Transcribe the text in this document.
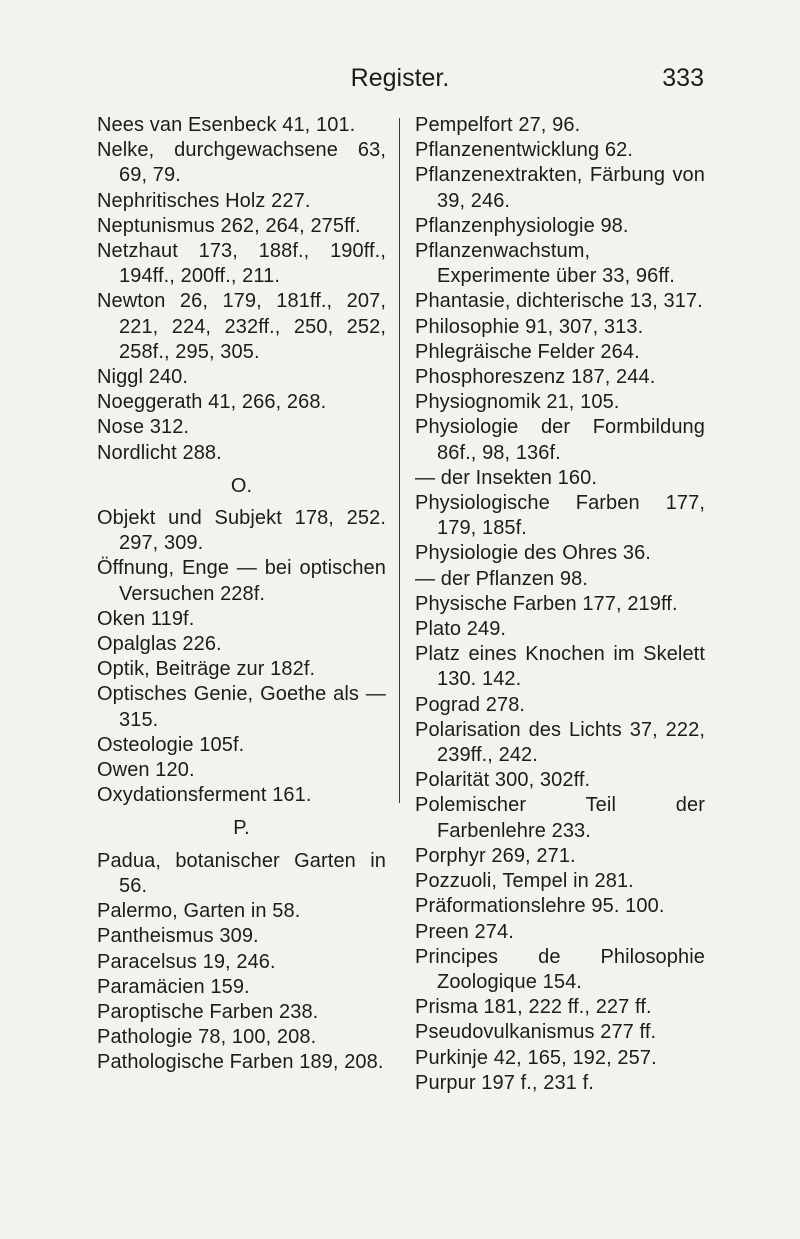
Register.	333
Nees van Esenbeck 41, 101.
Nelke, durchgewachsene 63, 69, 79.
Nephritisches Holz 227.
Neptunismus 262, 264, 275ff.
Netzhaut 173, 188f., 190ff., 194ff., 200ff., 211.
Newton 26, 179, 181ff., 207, 221, 224, 232ff., 250, 252, 258f., 295, 305.
Niggl 240.
Noeggerath 41, 266, 268.
Nose 312.
Nordlicht 288.
O.
Objekt und Subjekt 178, 252. 297, 309.
Öffnung, Enge — bei optischen Versuchen 228f.
Oken 119f.
Opalglas 226.
Optik, Beiträge zur 182f.
Optisches Genie, Goethe als — 315.
Osteologie 105f.
Owen 120.
Oxydationsferment 161.
P.
Padua, botanischer Garten in 56.
Palermo, Garten in 58.
Pantheismus 309.
Paracelsus 19, 246.
Paramäcien 159.
Paroptische Farben 238.
Pathologie 78, 100, 208.
Pathologische Farben 189, 208.
Pempelfort 27, 96.
Pflanzenentwicklung 62.
Pflanzenextrakten, Färbung von 39, 246.
Pflanzenphysiologie 98.
Pflanzenwachstum, Experimente über 33, 96ff.
Phantasie, dichterische 13, 317.
Philosophie 91, 307, 313.
Phlegräische Felder 264.
Phosphoreszenz 187, 244.
Physiognomik 21, 105.
Physiologie der Formbildung 86f., 98, 136f.
— der Insekten 160.
Physiologische Farben 177, 179, 185f.
Physiologie des Ohres 36.
— der Pflanzen 98.
Physische Farben 177, 219ff.
Plato 249.
Platz eines Knochen im Skelett 130. 142.
Pograd 278.
Polarisation des Lichts 37, 222, 239ff., 242.
Polarität 300, 302ff.
Polemischer Teil der Farbenlehre 233.
Porphyr 269, 271.
Pozzuoli, Tempel in 281.
Präformationslehre 95. 100.
Preen 274.
Principes de Philosophie Zoologique 154.
Prisma 181, 222 ff., 227 ff.
Pseudovulkanismus 277 ff.
Purkinje 42, 165, 192, 257.
Purpur 197 f., 231 f.
